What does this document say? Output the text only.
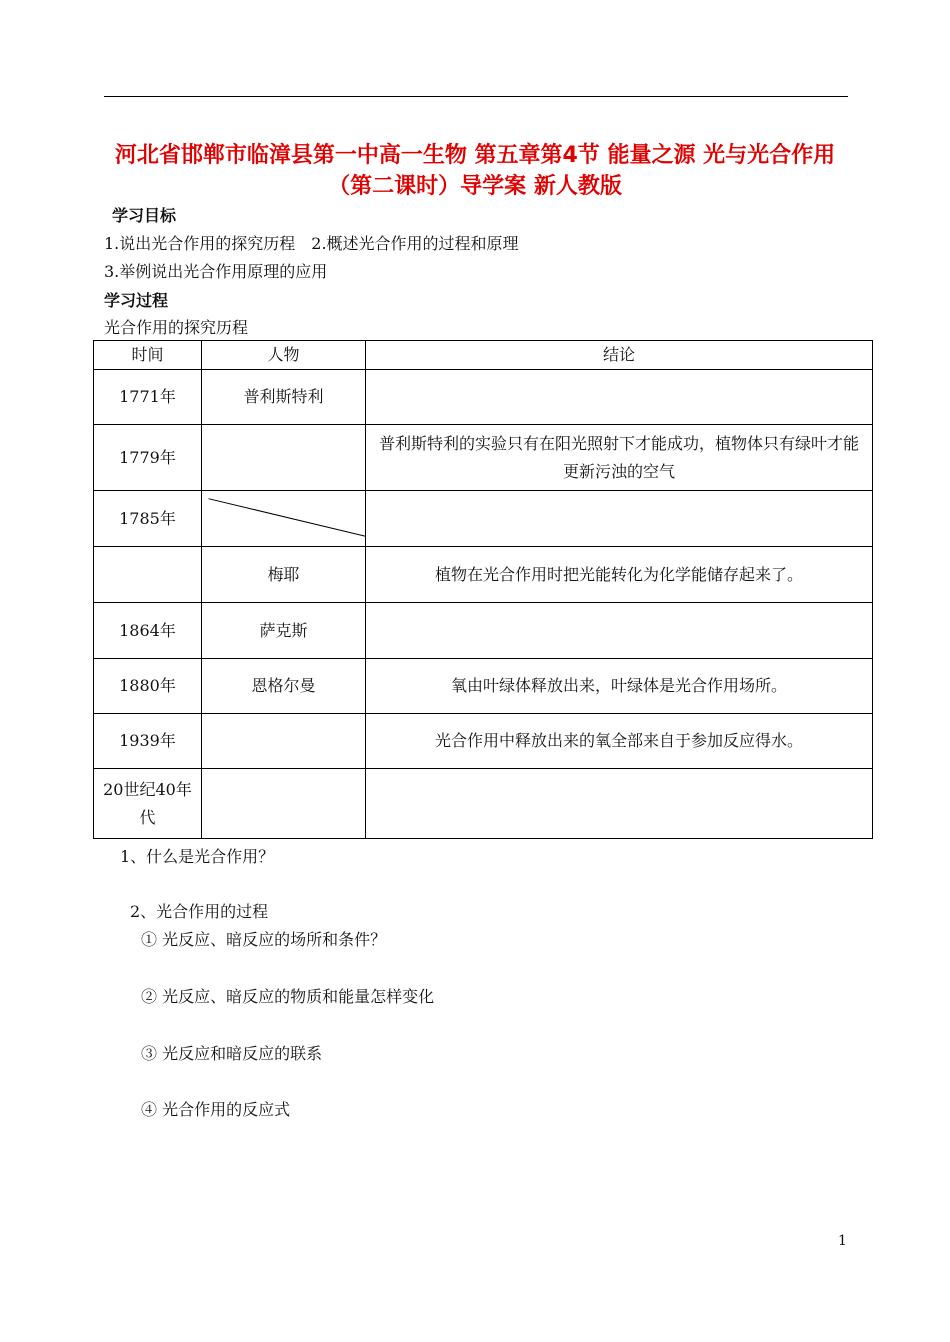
河北省邯郸市临漳县第一中高一生物 第五章第4节 能量之源 光与光合作用（第二课时）导学案 新人教版
学习目标
1.说出光合作用的探究历程　2.概述光合作用的过程和原理
3.举例说出光合作用原理的应用
学习过程
光合作用的探究历程
时间	人物	结论
1771年	普利斯特利	
1779年		普利斯特利的实验只有在阳光照射下才能成功，植物体只有绿叶才能更新污浊的空气
1785年	

	梅耶	植物在光合作用时把光能转化为化学能储存起来了。
1864年	萨克斯	
1880年	恩格尔曼	氧由叶绿体释放出来，叶绿体是光合作用场所。
1939年		光合作用中释放出来的氧全部来自于参加反应得水。
20世纪40年代		
1、什么是光合作用？
2、光合作用的过程
① 光反应、暗反应的场所和条件？
② 光反应、暗反应的物质和能量怎样变化
③ 光反应和暗反应的联系
④ 光合作用的反应式
1
